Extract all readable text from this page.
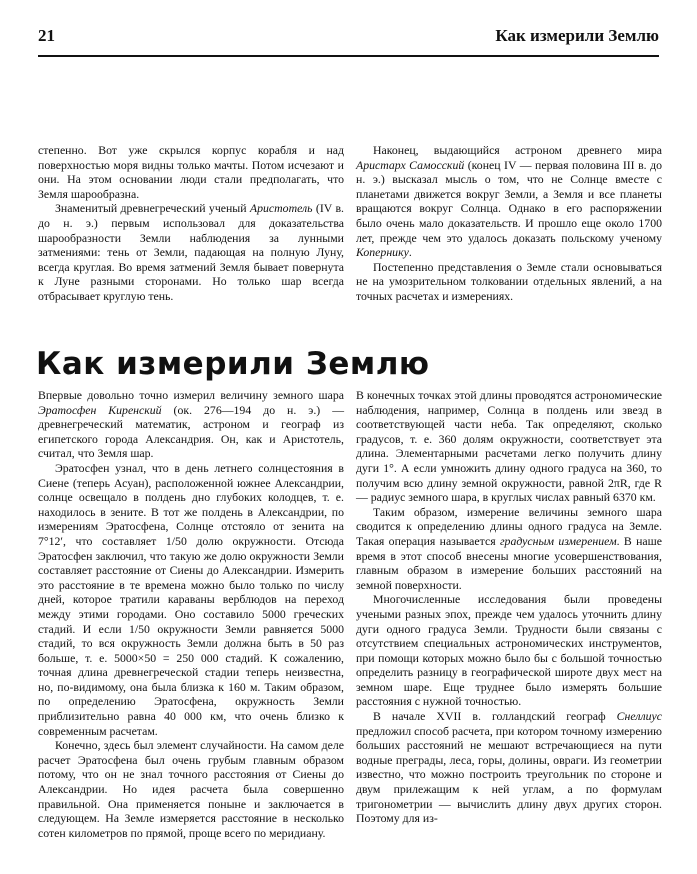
21	Как измерили Землю

степенно. Вот уже скрылся корпус корабля и над поверхностью моря видны только мачты. Потом исчезают и они. На этом основании люди стали предполагать, что Земля шарообразна.

Знаменитый древнегреческий ученый Аристотель (IV в. до н. э.) первым использовал для доказательства шарообразности Земли наблюдения за лунными затмениями: тень от Земли, падающая на полную Луну, всегда круглая. Во время затмений Земля бывает повернута к Луне разными сторонами. Но только шар всегда отбрасывает круглую тень.

Наконец, выдающийся астроном древнего мира Аристарх Самосский (конец IV — первая половина III в. до н. э.) высказал мысль о том, что не Солнце вместе с планетами движется вокруг Земли, а Земля и все планеты вращаются вокруг Солнца. Однако в его распоряжении было очень мало доказательств. И прошло еще около 1700 лет, прежде чем это удалось доказать польскому ученому Копернику.

Постепенно представления о Земле стали основываться не на умозрительном толковании отдельных явлений, а на точных расчетах и измерениях.

Как измерили Землю

Впервые довольно точно измерил величину земного шара Эратосфен Киренский (ок. 276—194 до н. э.) — древнегреческий математик, астроном и географ из египетского города Александрия. Он, как и Аристотель, считал, что Земля шар.

Эратосфен узнал, что в день летнего солнцестояния в Сиене (теперь Асуан), расположенной южнее Александрии, солнце освещало в полдень дно глубоких колодцев, т. е. находилось в зените. В тот же полдень в Александрии, по измерениям Эратосфена, Солнце отстояло от зенита на 7°12′, что составляет 1/50 долю окружности. Отсюда Эратосфен заключил, что такую же долю окружности Земли составляет расстояние от Сиены до Александрии. Измерить это расстояние в те времена можно было только по числу дней, которое тратили караваны верблюдов на переход между этими городами. Оно составило 5000 греческих стадий. И если 1/50 окружности Земли равняется 5000 стадий, то вся окружность Земли должна быть в 50 раз больше, т. е. 5000×50 = 250 000 стадий. К сожалению, точная длина древнегреческой стадии теперь неизвестна, но, по-видимому, она была близка к 160 м. Таким образом, по определению Эратосфена, окружность Земли приблизительно равна 40 000 км, что очень близко к современным расчетам.

Конечно, здесь был элемент случайности. На самом деле расчет Эратосфена был очень грубым главным образом потому, что он не знал точного расстояния от Сиены до Александрии. Но идея расчета была совершенно правильной. Она применяется поныне и заключается в следующем. На Земле измеряется расстояние в несколько сотен километров по прямой, проще всего по меридиану.

В конечных точках этой длины проводятся астрономические наблюдения, например, Солнца в полдень или звезд в соответствующей части неба. Так определяют, сколько градусов, т. е. 360 долям окружности, соответствует эта длина. Элементарными расчетами легко получить длину дуги 1°. А если умножить длину одного градуса на 360, то получим всю длину земной окружности, равной 2πR, где R — радиус земного шара, в круглых числах равный 6370 км.

Таким образом, измерение величины земного шара сводится к определению длины одного градуса на Земле. Такая операция называется градусным измерением. В наше время в этот способ внесены многие усовершенствования, главным образом в измерение больших расстояний на земной поверхности.

Многочисленные исследования были проведены учеными разных эпох, прежде чем удалось уточнить длину дуги одного градуса Земли. Трудности были связаны с отсутствием специальных астрономических инструментов, при помощи которых можно было бы с большой точностью определить разницу в географической широте двух мест на земном шаре. Еще труднее было измерять большие расстояния с нужной точностью.

В начале XVII в. голландский географ Снеллиус предложил способ расчета, при котором точному измерению больших расстояний не мешают встречающиеся на пути водные преграды, леса, горы, долины, овраги. Из геометрии известно, что можно построить треугольник по стороне и двум прилежащим к ней углам, а по формулам тригонометрии — вычислить длину двух других сторон. Поэтому для из-
